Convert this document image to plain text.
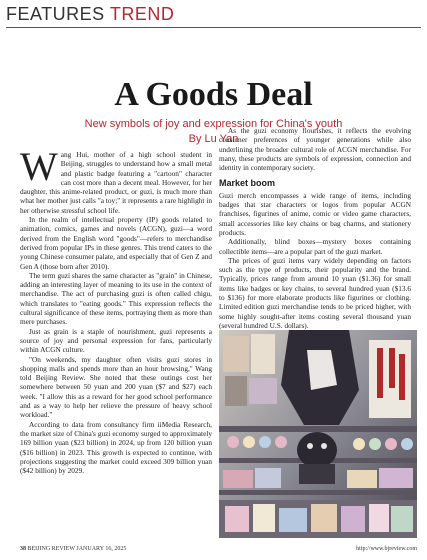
FEATURES TREND
A Goods Deal
New symbols of joy and expression for China's youth
By Lu Yan

Wang Hui, mother of a high school student in Beijing, struggles to understand how a small metal and plastic badge featuring a "cartoon" character can cost more than a decent meal. However, for her daughter, this anime-related product, or guzi, is much more than what her mother just calls "a toy;" it represents a rare highlight in her otherwise stressful school life.

In the realm of intellectual property (IP) goods related to animation, comics, games and novels (ACGN), guzi—a word derived from the English word "goods"—refers to merchandise derived from popular IPs in these genres. This trend caters to the young Chinese consumer palate, and especially that of Gen Z and Gen A (those born after 2010).

The term guzi shares the same character as "grain" in Chinese, adding an interesting layer of meaning to its use in the context of merchandise. The act of purchasing guzi is often called chigu, which translates to "eating goods." This expression reflects the cultural significance of these items, portraying them as more than mere purchases.

Just as grain is a staple of nourishment, guzi represents a source of joy and personal expression for fans, particularly within ACGN culture.

"On weekends, my daughter often visits guzi stores in shopping malls and spends more than an hour browsing," Wang told Beijing Review. She noted that these outings cost her somewhere between 50 yuan and 200 yuan ($7 and $27) each week. "I allow this as a reward for her good school performance and as a way to help her relieve the pressure of heavy school workload."

According to data from consultancy firm iiMedia Research, the market size of China's guzi economy surged to approximately 169 billion yuan ($23 billion) in 2024, up from 120 billion yuan ($16 billion) in 2023. This growth is expected to continue, with projections suggesting the market could exceed 309 billion yuan ($42 billion) by 2029.

As the guzi economy flourishes, it reflects the evolving consumer preferences of younger generations while also underlining the broader cultural role of ACGN merchandise. For many, these products are symbols of expression, connection and identity in contemporary society.

Market boom

Guzi merch encompasses a wide range of items, including badges that star characters or logos from popular ACGN franchises, figurines of anime, comic or video game characters, small accessories like key chains or bag charms, and stationery products.

Additionally, blind boxes—mystery boxes containing collectible items—are a popular part of the guzi market.

The prices of guzi items vary widely depending on factors such as the type of products, their popularity and the brand. Typically, prices range from around 10 yuan ($1.36) for small items like badges or key chains, to several hundred yuan ($13.6 to $136) for more elaborate products like figurines or clothing. Limited edition guzi merchandise tends to be priced higher, with some highly sought-after items costing several thousand yuan (several hundred U.S. dollars).

38 BEIJING REVIEW JANUARY 16, 2025	http://www.bjreview.com
